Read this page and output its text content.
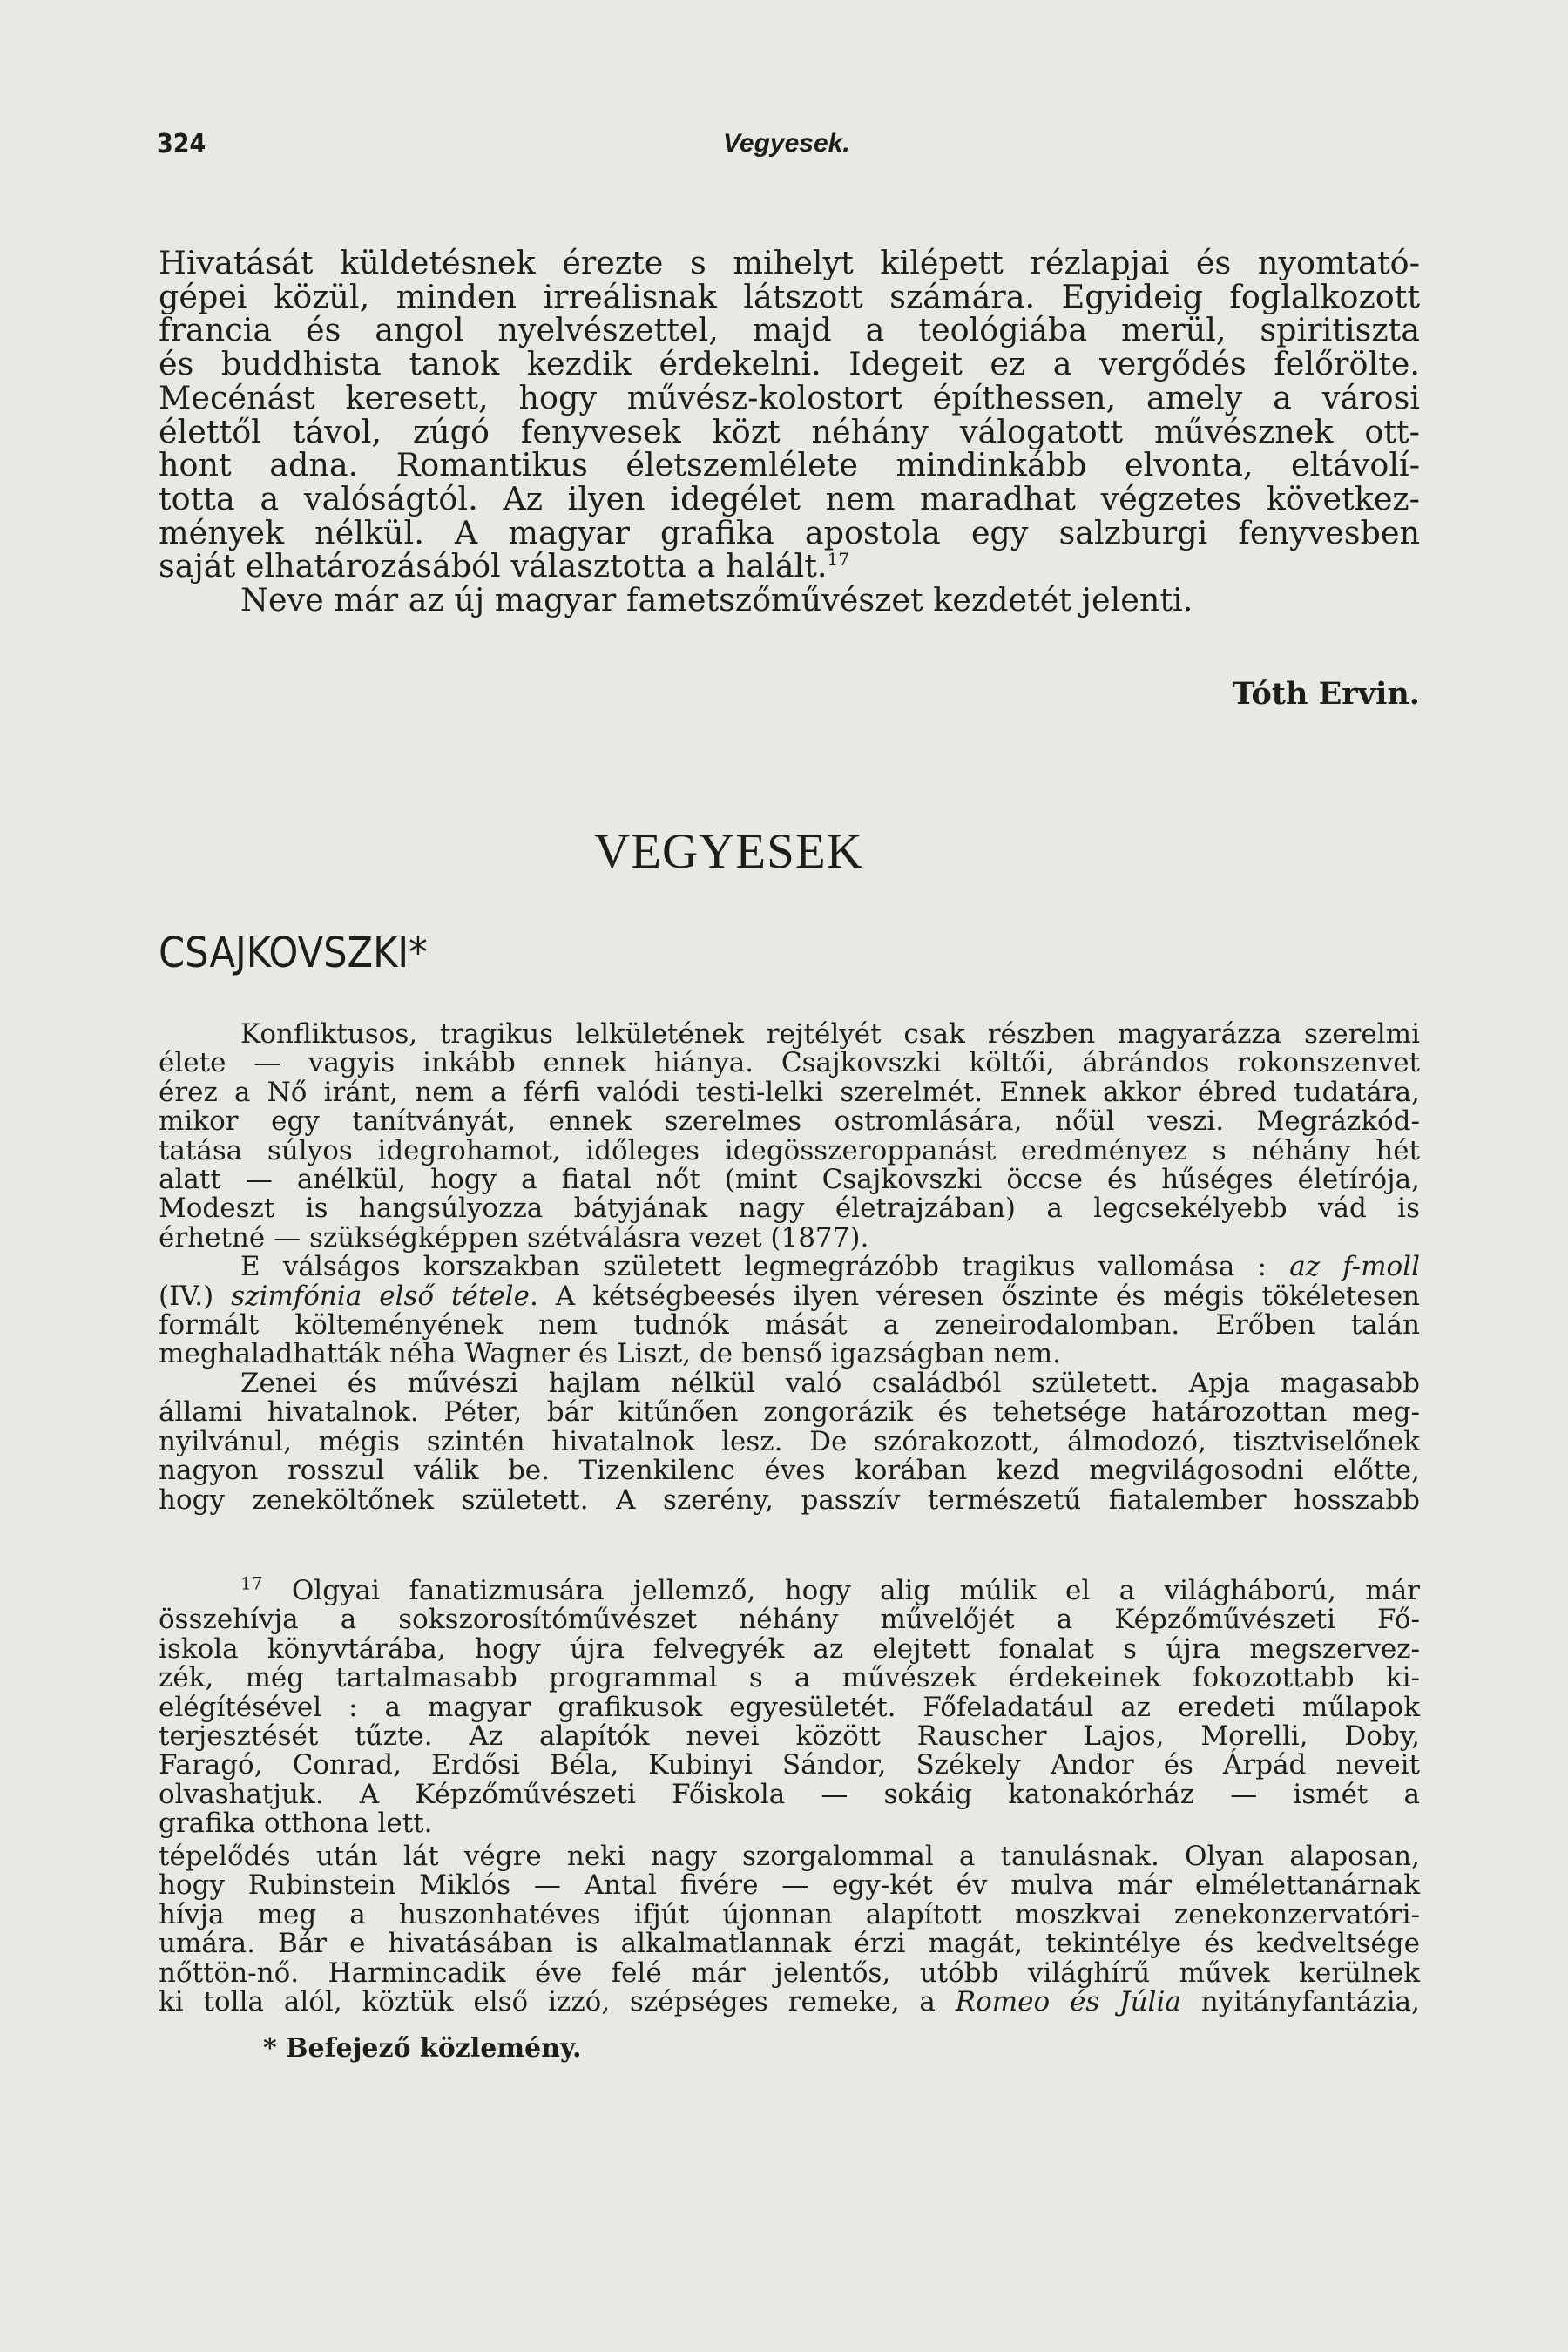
324	Vegyesek.

Hivatását küldetésnek érezte s mihelyt kilépett rézlapjai és nyomtató-

gépei közül, minden irreálisnak látszott számára. Egyideig foglalkozott

francia és angol nyelvészettel, majd a teológiába merül, spiritiszta

és buddhista tanok kezdik érdekelni. Idegeit ez a vergődés felőrölte.

Mecénást keresett, hogy művész-kolostort építhessen, amely a városi

élettől távol, zúgó fenyvesek közt néhány válogatott művésznek ott-

hont adna. Romantikus életszemlélete mindinkább elvonta, eltávolí-

totta a valóságtól. Az ilyen idegélet nem maradhat végzetes következ-

mények nélkül. A magyar grafika apostola egy salzburgi fenyvesben

saját elhatározásából választotta a halált.$^{17}$

Neve már az új magyar fametszőművészet kezdetét jelenti.

Tóth Ervin.
VEGYESEK
CSAJKOVSZKI*

Konfliktusos, tragikus lelkületének rejtélyét csak részben magyarázza szerelmi

élete — vagyis inkább ennek hiánya. Csajkovszki költői, ábrándos rokonszenvet

érez a Nő iránt, nem a férfi valódi testi-lelki szerelmét. Ennek akkor ébred tudatára,

mikor egy tanítványát, ennek szerelmes ostromlására, nőül veszi. Megrázkód-

tatása súlyos idegrohamot, időleges idegösszeroppanást eredményez s néhány hét

alatt — anélkül, hogy a fiatal nőt (mint Csajkovszki öccse és hűséges életírója,

Modeszt is hangsúlyozza bátyjának nagy életrajzában) a legcsekélyebb vád is

érhetné — szükségképpen szétválásra vezet (1877).

E válságos korszakban született legmegrázóbb tragikus vallomása : az f-moll

(IV.) szimfónia első tétele. A kétségbeesés ilyen véresen őszinte és mégis tökéletesen

formált költeményének nem tudnók mását a zeneirodalomban. Erőben talán

meghaladhatták néha Wagner és Liszt, de benső igazságban nem.

Zenei és művészi hajlam nélkül való családból született. Apja magasabb

állami hivatalnok. Péter, bár kitűnően zongorázik és tehetsége határozottan meg-

nyilvánul, mégis szintén hivatalnok lesz. De szórakozott, álmodozó, tisztviselőnek

nagyon rosszul válik be. Tizenkilenc éves korában kezd megvilágosodni előtte,

hogy zeneköltőnek született. A szerény, passzív természetű fiatalember hosszabb

$^{17}$ Olgyai fanatizmusára jellemző, hogy alig múlik el a világháború, már

összehívja a sokszorosítóművészet néhány művelőjét a Képzőművészeti Fő-

iskola könyvtárába, hogy újra felvegyék az elejtett fonalat s újra megszervez-

zék, még tartalmasabb programmal s a művészek érdekeinek fokozottabb ki-

elégítésével : a magyar grafikusok egyesületét. Főfeladatául az eredeti műlapok

terjesztését tűzte. Az alapítók nevei között Rauscher Lajos, Morelli, Doby,

Faragó, Conrad, Erdősi Béla, Kubinyi Sándor, Székely Andor és Árpád neveit

olvashatjuk. A Képzőművészeti Főiskola — sokáig katonakórház — ismét a

grafika otthona lett.

tépelődés után lát végre neki nagy szorgalommal a tanulásnak. Olyan alaposan,

hogy Rubinstein Miklós — Antal fivére — egy-két év mulva már elmélettanárnak

hívja meg a huszonhatéves ifjút újonnan alapított moszkvai zenekonzervatóri-

umára. Bár e hivatásában is alkalmatlannak érzi magát, tekintélye és kedveltsége

nőttön-nő. Harmincadik éve felé már jelentős, utóbb világhírű művek kerülnek

ki tolla alól, köztük első izzó, szépséges remeke, a Romeo és Júlia nyitányfantázia,

* Befejező közlemény.
